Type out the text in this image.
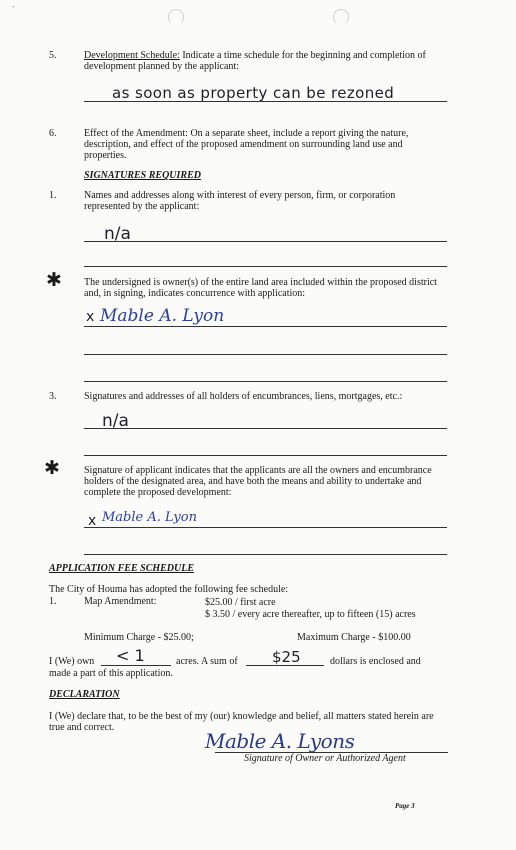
-
5.	Development Schedule: Indicate a time schedule for the beginning and completion of
development planned by the applicant:
as soon as property can be rezoned
6.	Effect of the Amendment: On a separate sheet, include a report giving the nature,
description, and effect of the proposed amendment on surrounding land use and
properties.
SIGNATURES REQUIRED
1.	Names and addresses along with interest of every person, firm, or corporation
represented by the applicant:
n/a
✱ The undersigned is owner(s) of the entire land area included within the proposed district
and, in signing, indicates concurrence with application:
x Mable A. Lyon
3.	Signatures and addresses of all holders of encumbrances, liens, mortgages, etc.:
n/a
✱ Signature of applicant indicates that the applicants are all the owners and encumbrance
holders of the designated area, and have both the means and ability to undertake and
complete the proposed development:
x Mable A. Lyon
APPLICATION FEE SCHEDULE
The City of Houma has adopted the following fee schedule:
1.	Map Amendment:	$25.00 / first acre
$ 3.50 / every acre thereafter, up to fifteen (15) acres
Minimum Charge - $25.00;	Maximum Charge - $100.00
I (We) own < 1	acres. A sum of $25	dollars is enclosed and
made a part of this application.
DECLARATION
I (We) declare that, to be the best of my (our) knowledge and belief, all matters stated herein are
true and correct.
Mable A. Lyons
Signature of Owner or Authorized Agent
Page 3
